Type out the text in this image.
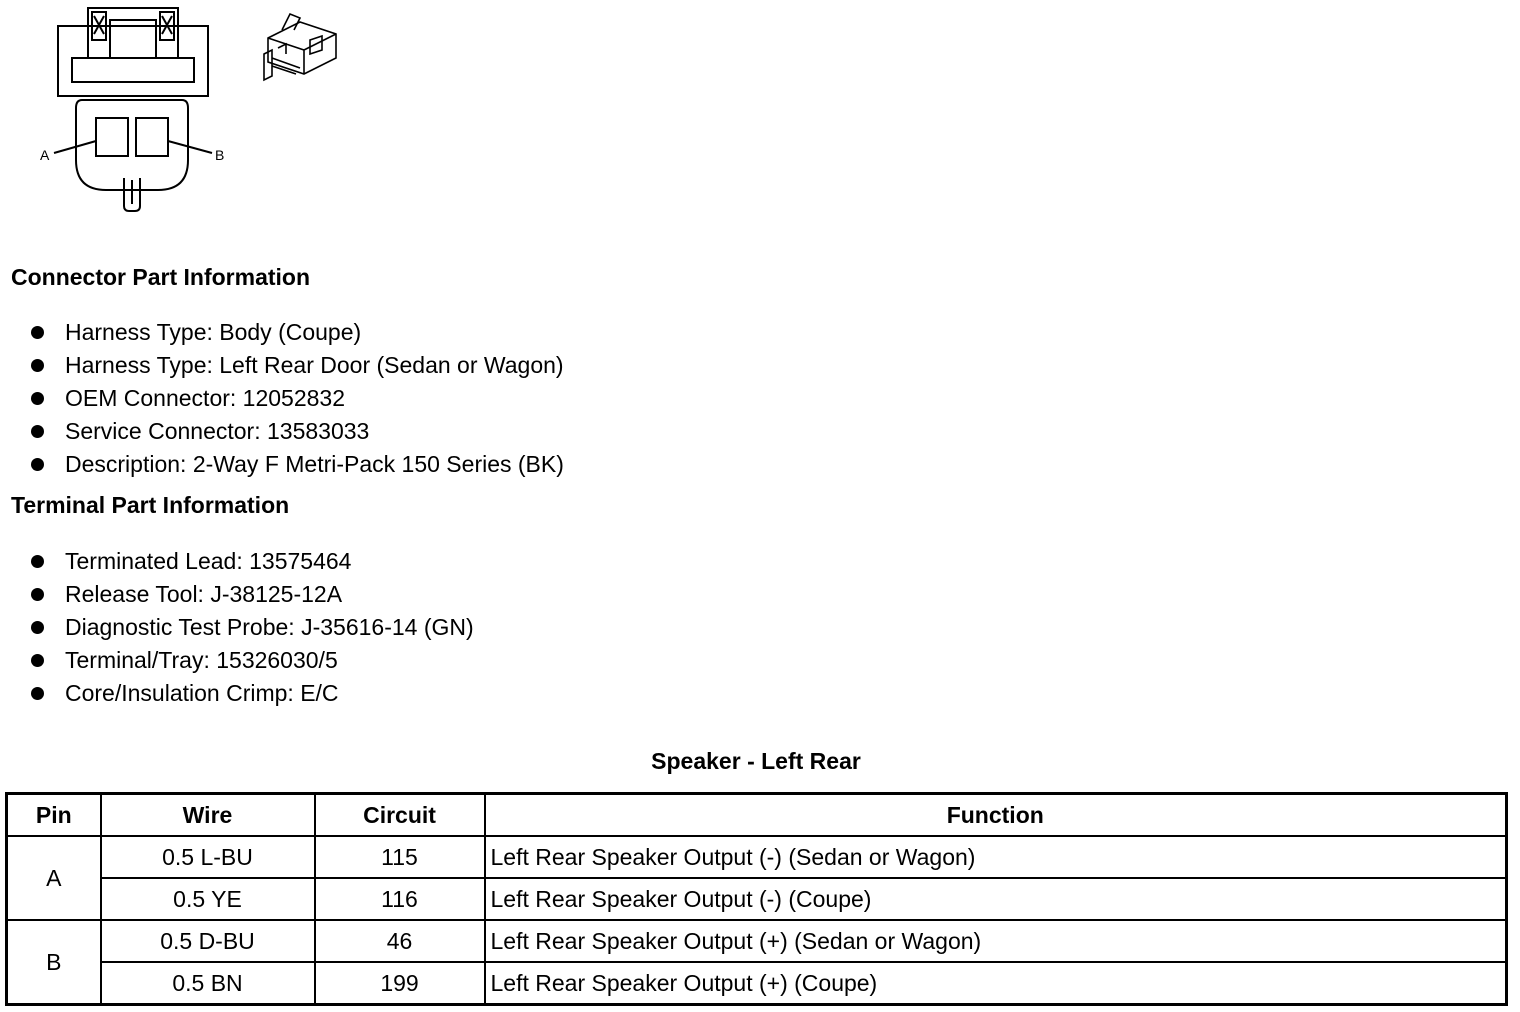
A	B
Connector Part Information
Harness Type: Body (Coupe)
Harness Type: Left Rear Door (Sedan or Wagon)
OEM Connector: 12052832
Service Connector: 13583033
Description: 2-Way F Metri-Pack 150 Series (BK)
Terminal Part Information
Terminated Lead: 13575464
Release Tool: J-38125-12A
Diagnostic Test Probe: J-35616-14 (GN)
Terminal/Tray: 15326030/5
Core/Insulation Crimp: E/C
Speaker - Left Rear
Pin	Wire	Circuit	Function
A	0.5 L-BU	115	Left Rear Speaker Output (-) (Sedan or Wagon)
	0.5 YE	116	Left Rear Speaker Output (-) (Coupe)
B	0.5 D-BU	46	Left Rear Speaker Output (+) (Sedan or Wagon)
	0.5 BN	199	Left Rear Speaker Output (+) (Coupe)
